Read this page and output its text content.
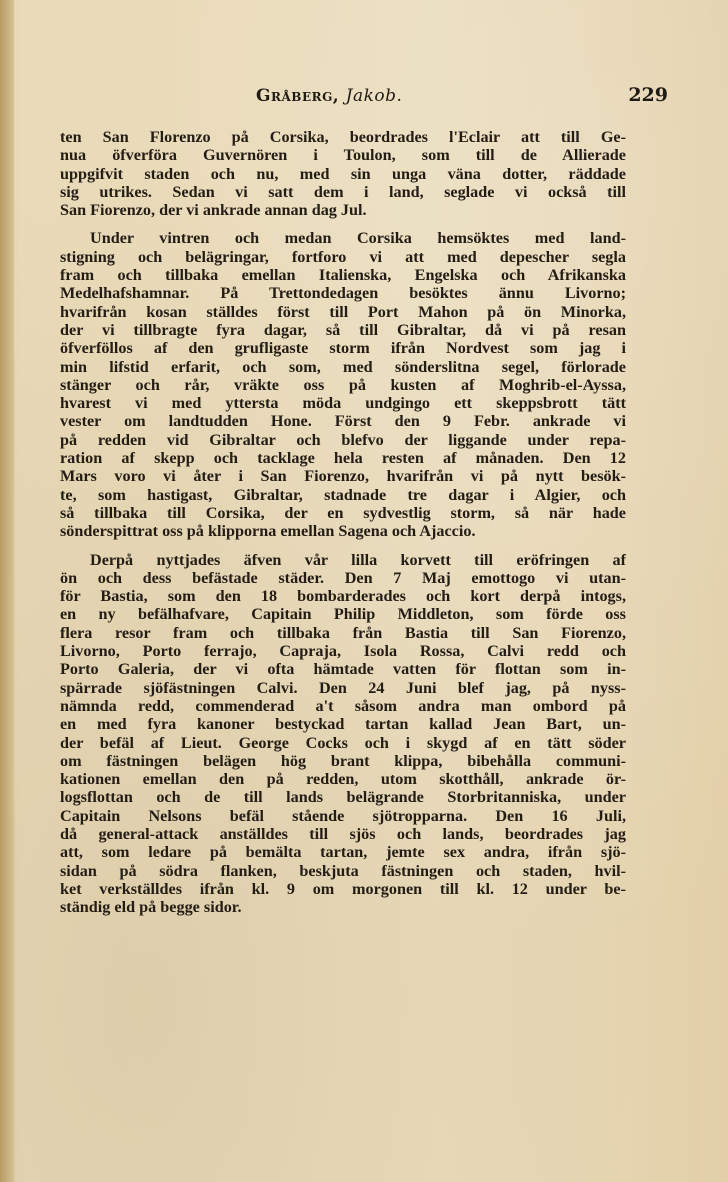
Gråberg, Jakob.	229
ten San Florenzo på Corsika, beordrades l'Eclair att till Ge-
nua öfverföra Guvernören i Toulon, som till de Allierade
uppgifvit staden och nu, med sin unga väna dotter, räddade
sig utrikes. Sedan vi satt dem i land, seglade vi också till
San Fiorenzo, der vi ankrade annan dag Jul.
Under vintren och medan Corsika hemsöktes med land-
stigning och belägringar, fortforo vi att med depescher segla
fram och tillbaka emellan Italienska, Engelska och Afrikanska
Medelhafshamnar. På Trettondedagen besöktes ännu Livorno;
hvarifrån kosan ställdes först till Port Mahon på ön Minorka,
der vi tillbragte fyra dagar, så till Gibraltar, då vi på resan
öfverföllos af den grufligaste storm ifrån Nordvest som jag i
min lifstid erfarit, och som, med sönderslitna segel, förlorade
stänger och rår, vräkte oss på kusten af Moghrib-el-Ayssa,
hvarest vi med yttersta möda undgingo ett skeppsbrott tätt
vester om landtudden Hone. Först den 9 Febr. ankrade vi
på redden vid Gibraltar och blefvo der liggande under repa-
ration af skepp och tacklage hela resten af månaden. Den 12
Mars voro vi åter i San Fiorenzo, hvarifrån vi på nytt besök-
te, som hastigast, Gibraltar, stadnade tre dagar i Algier, och
så tillbaka till Corsika, der en sydvestlig storm, så när hade
sönderspittrat oss på klipporna emellan Sagena och Ajaccio.
Derpå nyttjades äfven vår lilla korvett till eröfringen af
ön och dess befästade städer. Den 7 Maj emottogo vi utan-
för Bastia, som den 18 bombarderades och kort derpå intogs,
en ny befälhafvare, Capitain Philip Middleton, som förde oss
flera resor fram och tillbaka från Bastia till San Fiorenzo,
Livorno, Porto ferrajo, Capraja, Isola Rossa, Calvi redd och
Porto Galeria, der vi ofta hämtade vatten för flottan som in-
spärrade sjöfästningen Calvi. Den 24 Juni blef jag, på nyss-
nämnda redd, commenderad a't såsom andra man ombord på
en med fyra kanoner bestyckad tartan kallad Jean Bart, un-
der befäl af Lieut. George Cocks och i skygd af en tätt söder
om fästningen belägen hög brant klippa, bibehålla communi-
kationen emellan den på redden, utom skotthåll, ankrade ör-
logsflottan och de till lands belägrande Storbritanniska, under
Capitain Nelsons befäl stående sjötropparna. Den 16 Juli,
då general-attack anställdes till sjös och lands, beordrades jag
att, som ledare på bemälta tartan, jemte sex andra, ifrån sjö-
sidan på södra flanken, beskjuta fästningen och staden, hvil-
ket verkställdes ifrån kl. 9 om morgonen till kl. 12 under be-
ständig eld på begge sidor.
